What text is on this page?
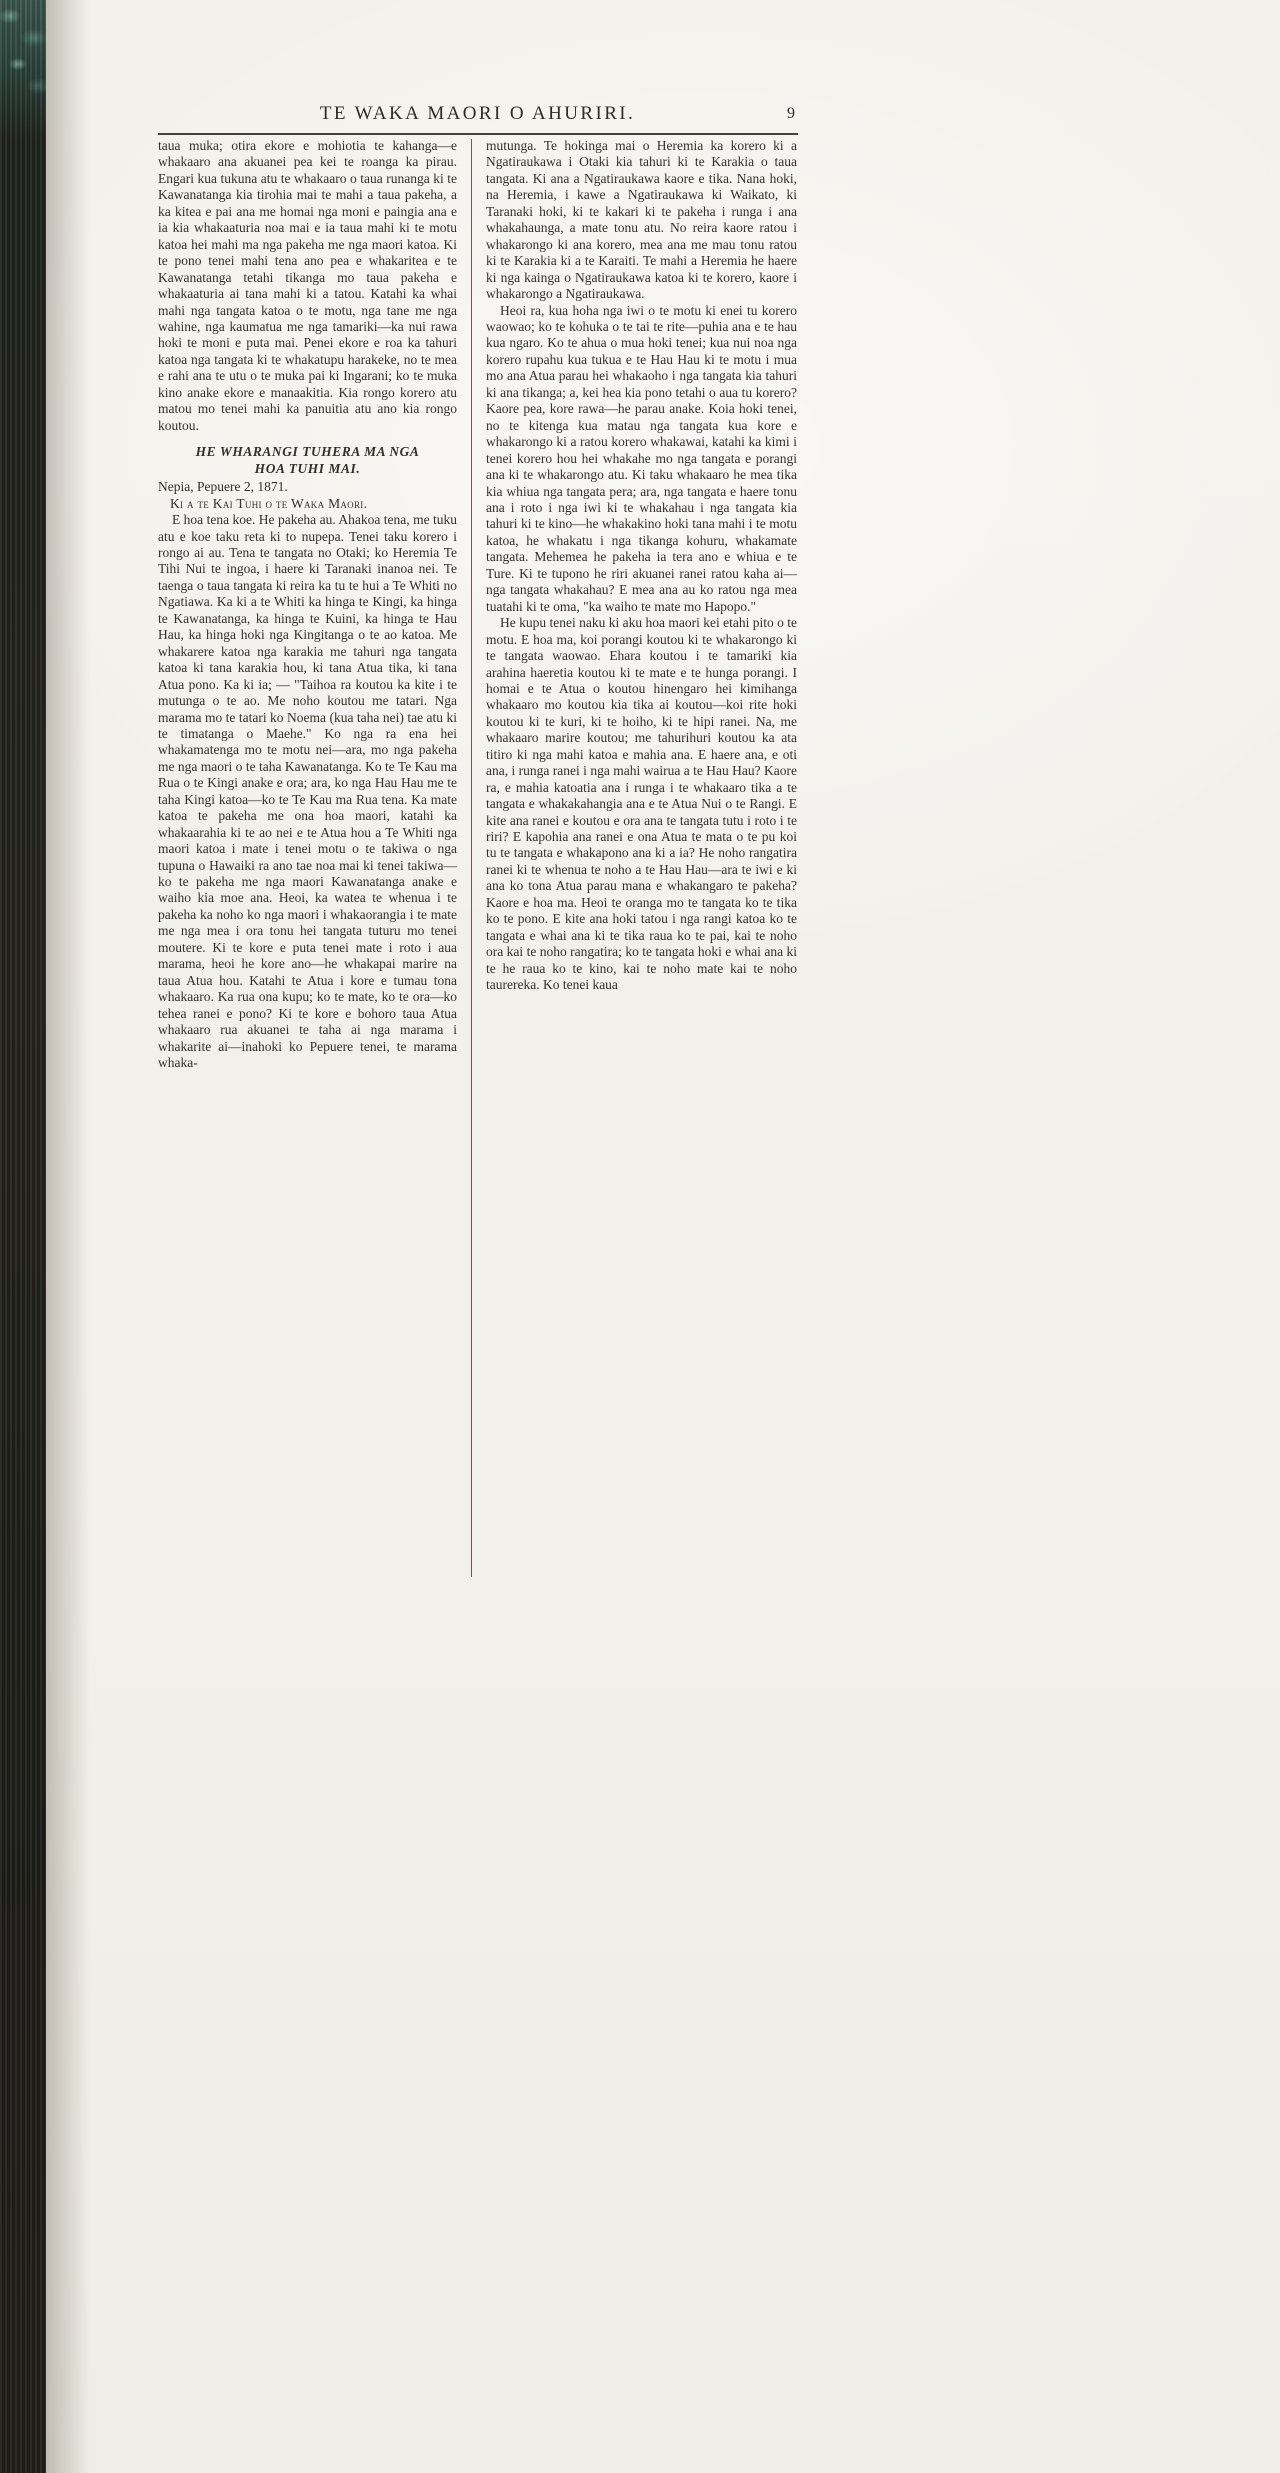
TE WAKA MAORI O AHURIRI.	9

taua muka; otira ekore e mohiotia te kahanga—e whakaaro ana akuanei pea kei te roanga ka pirau. Engari kua tukuna atu te whakaaro o taua runanga ki te Kawanatanga kia tirohia mai te mahi a taua pakeha, a ka kitea e pai ana me homai nga moni e paingia ana e ia kia whakaaturia noa mai e ia taua mahi ki te motu katoa hei mahi ma nga pakeha me nga maori katoa. Ki te pono tenei mahi tena ano pea e whakaritea e te Kawanatanga tetahi tikanga mo taua pakeha e whakaaturia ai tana mahi ki a tatou. Katahi ka whai mahi nga tangata katoa o te motu, nga tane me nga wahine, nga kaumatua me nga tamariki—ka nui rawa hoki te moni e puta mai. Penei ekore e roa ka tahuri katoa nga tangata ki te whakatupu harakeke, no te mea e rahi ana te utu o te muka pai ki Ingarani; ko te muka kino anake ekore e manaakitia. Kia rongo korero atu matou mo tenei mahi ka panuitia atu ano kia rongo koutou.

HE WHARANGI TUHERA MA NGA
HOA TUHI MAI.

Nepia, Pepuere 2, 1871.

Ki a te Kai Tuhi o te Waka Maori.

E hoa tena koe. He pakeha au. Ahakoa tena, me tuku atu e koe taku reta ki to nupepa. Tenei taku korero i rongo ai au. Tena te tangata no Otaki; ko Heremia Te Tihi Nui te ingoa, i haere ki Taranaki inanoa nei. Te taenga o taua tangata ki reira ka tu te hui a Te Whiti no Ngatiawa. Ka ki a te Whiti ka hinga te Kingi, ka hinga te Kawanatanga, ka hinga te Kuini, ka hinga te Hau Hau, ka hinga hoki nga Kingitanga o te ao katoa. Me whakarere katoa nga karakia me tahuri nga tangata katoa ki tana karakia hou, ki tana Atua tika, ki tana Atua pono. Ka ki ia; — "Taihoa ra koutou ka kite i te mutunga o te ao. Me noho koutou me tatari. Nga marama mo te tatari ko Noema (kua taha nei) tae atu ki te timatanga o Maehe." Ko nga ra ena hei whakamatenga mo te motu nei—ara, mo nga pakeha me nga maori o te taha Kawanatanga. Ko te Te Kau ma Rua o te Kingi anake e ora; ara, ko nga Hau Hau me te taha Kingi katoa—ko te Te Kau ma Rua tena. Ka mate katoa te pakeha me ona hoa maori, katahi ka whakaarahia ki te ao nei e te Atua hou a Te Whiti nga maori katoa i mate i tenei motu o te takiwa o nga tupuna o Hawaiki ra ano tae noa mai ki tenei takiwa—ko te pakeha me nga maori Kawanatanga anake e waiho kia moe ana. Heoi, ka watea te whenua i te pakeha ka noho ko nga maori i whakaorangia i te mate me nga mea i ora tonu hei tangata tuturu mo tenei moutere. Ki te kore e puta tenei mate i roto i aua marama, heoi he kore ano—he whakapai marire na taua Atua hou. Katahi te Atua i kore e tumau tona whakaaro. Ka rua ona kupu; ko te mate, ko te ora—ko tehea ranei e pono? Ki te kore e bohoro taua Atua whakaaro rua akuanei te taha ai nga marama i whakarite ai—inahoki ko Pepuere tenei, te marama whaka-

mutunga. Te hokinga mai o Heremia ka korero ki a Ngatiraukawa i Otaki kia tahuri ki te Karakia o taua tangata. Ki ana a Ngatiraukawa kaore e tika. Nana hoki, na Heremia, i kawe a Ngatiraukawa ki Waikato, ki Taranaki hoki, ki te kakari ki te pakeha i runga i ana whakahaunga, a mate tonu atu. No reira kaore ratou i whakarongo ki ana korero, mea ana me mau tonu ratou ki te Karakia ki a te Karaiti. Te mahi a Heremia he haere ki nga kainga o Ngatiraukawa katoa ki te korero, kaore i whakarongo a Ngatiraukawa.

Heoi ra, kua hoha nga iwi o te motu ki enei tu korero waowao; ko te kohuka o te tai te rite—puhia ana e te hau kua ngaro. Ko te ahua o mua hoki tenei; kua nui noa nga korero rupahu kua tukua e te Hau Hau ki te motu i mua mo ana Atua parau hei whakaoho i nga tangata kia tahuri ki ana tikanga; a, kei hea kia pono tetahi o aua tu korero? Kaore pea, kore rawa—he parau anake. Koia hoki tenei, no te kitenga kua matau nga tangata kua kore e whakarongo ki a ratou korero whakawai, katahi ka kimi i tenei korero hou hei whakahe mo nga tangata e porangi ana ki te whakarongo atu. Ki taku whakaaro he mea tika kia whiua nga tangata pera; ara, nga tangata e haere tonu ana i roto i nga iwi ki te whakahau i nga tangata kia tahuri ki te kino—he whakakino hoki tana mahi i te motu katoa, he whakatu i nga tikanga kohuru, whakamate tangata. Mehemea he pakeha ia tera ano e whiua e te Ture. Ki te tupono he riri akuanei ranei ratou kaha ai—nga tangata whakahau? E mea ana au ko ratou nga mea tuatahi ki te oma, "ka waiho te mate mo Hapopo."

He kupu tenei naku ki aku hoa maori kei etahi pito o te motu. E hoa ma, koi porangi koutou ki te whakarongo ki te tangata waowao. Ehara koutou i te tamariki kia arahina haeretia koutou ki te mate e te hunga porangi. I homai e te Atua o koutou hinengaro hei kimihanga whakaaro mo koutou kia tika ai koutou—koi rite hoki koutou ki te kuri, ki te hoiho, ki te hipi ranei. Na, me whakaaro marire koutou; me tahurihuri koutou ka ata titiro ki nga mahi katoa e mahia ana. E haere ana, e oti ana, i runga ranei i nga mahi wairua a te Hau Hau? Kaore ra, e mahia katoatia ana i runga i te whakaaro tika a te tangata e whakakahangia ana e te Atua Nui o te Rangi. E kite ana ranei e koutou e ora ana te tangata tutu i roto i te riri? E kapohia ana ranei e ona Atua te mata o te pu koi tu te tangata e whakapono ana ki a ia? He noho rangatira ranei ki te whenua te noho a te Hau Hau—ara te iwi e ki ana ko tona Atua parau mana e whakangaro te pakeha? Kaore e hoa ma. Heoi te oranga mo te tangata ko te tika ko te pono. E kite ana hoki tatou i nga rangi katoa ko te tangata e whai ana ki te tika raua ko te pai, kai te noho ora kai te noho rangatira; ko te tangata hoki e whai ana ki te he raua ko te kino, kai te noho mate kai te noho taurereka. Ko tenei kaua
